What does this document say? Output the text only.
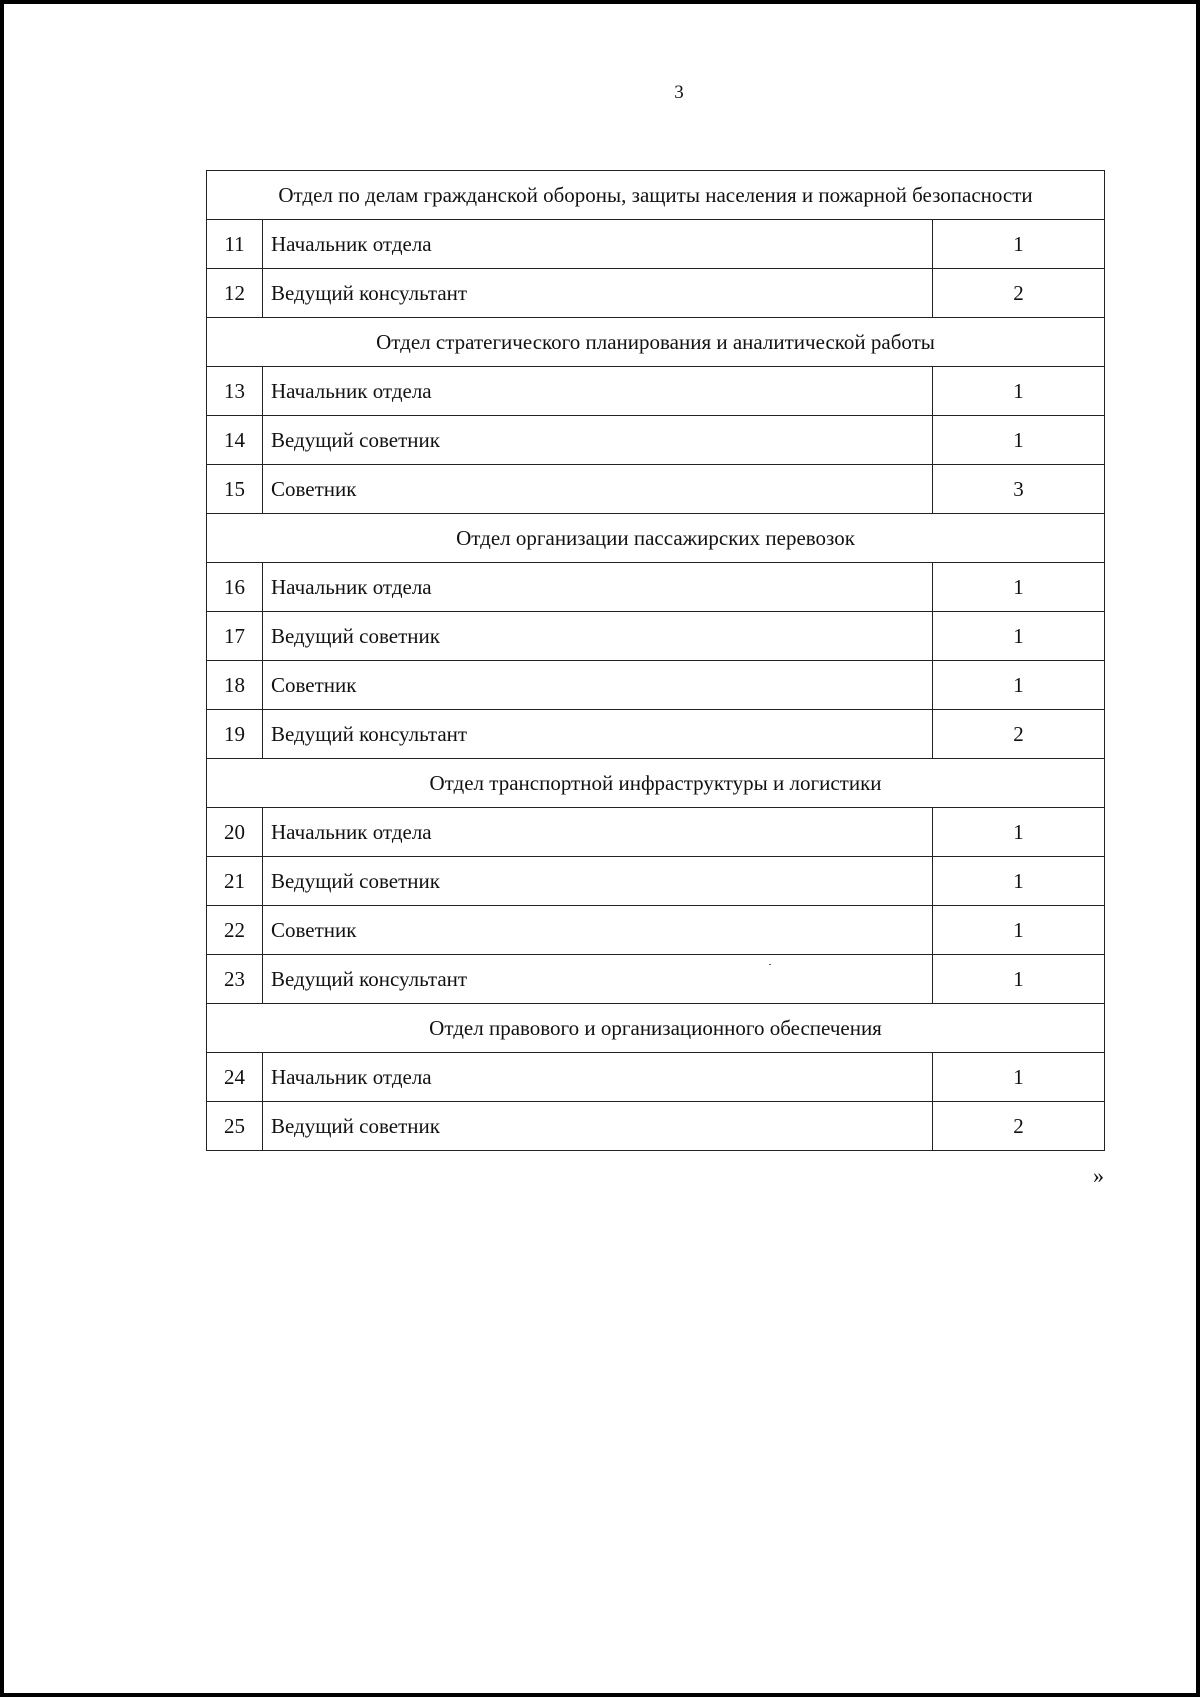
3
Отдел по делам гражданской обороны, защиты населения и пожарной безопасности		
11	Начальник отдела	1
12	Ведущий консультант	2
Отдел стратегического планирования и аналитической работы		
13	Начальник отдела	1
14	Ведущий советник	1
15	Советник	3
Отдел организации пассажирских перевозок		
16	Начальник отдела	1
17	Ведущий советник	1
18	Советник	1
19	Ведущий консультант	2
Отдел транспортной инфраструктуры и логистики		
20	Начальник отдела	1
21	Ведущий советник	1
22	Советник	1
23	Ведущий консультант	1
Отдел правового и организационного обеспечения		
24	Начальник отдела	1
25	Ведущий советник	2
»
